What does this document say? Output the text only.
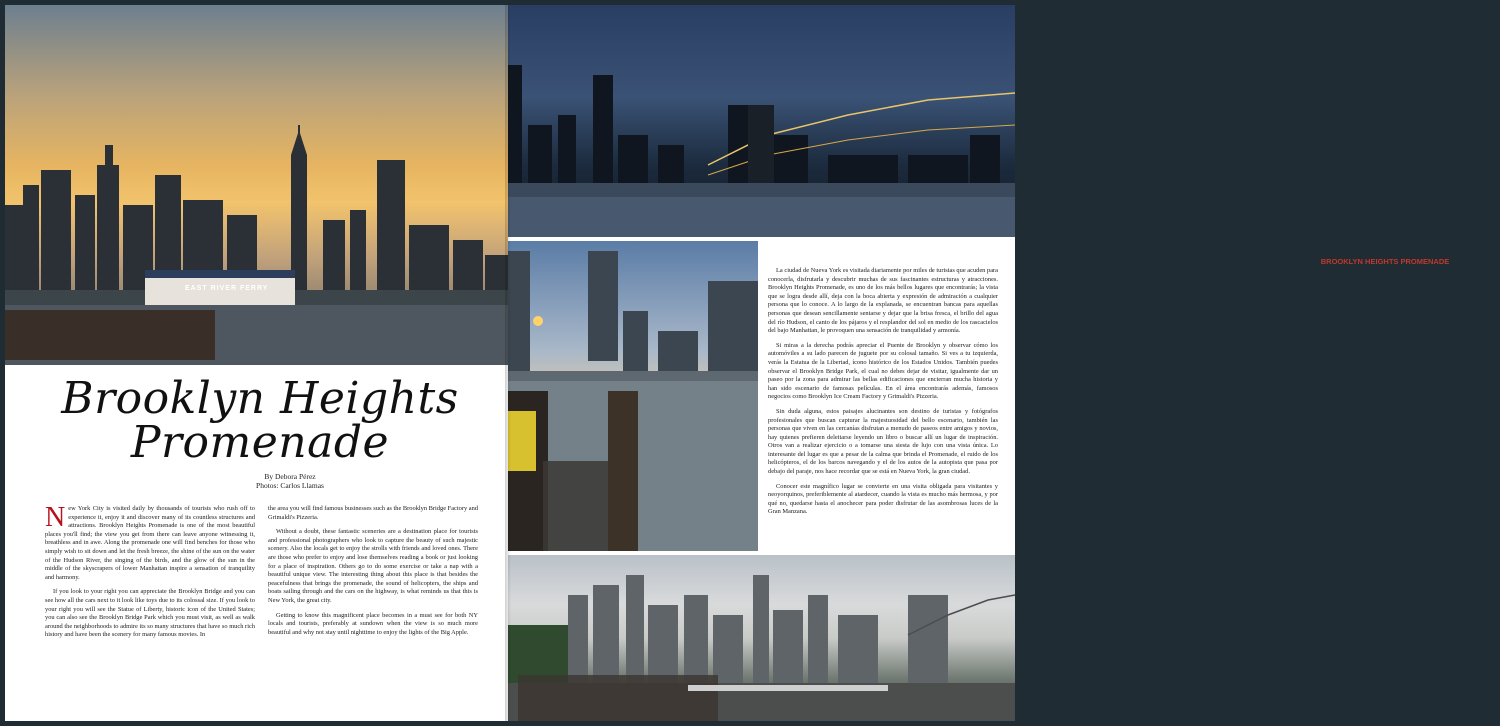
EAST RIVER FERRY
Brooklyn Heights
Promenade
By Debora Pérez
Photos: Carlos Llamas

New York City is visited daily by thousands of tourists who rush off to experience it, enjoy it and discover many of its countless structures and attractions. Brooklyn Heights Promenade is one of the most beautiful places you'll find; the view you get from there can leave anyone witnessing it, breathless and in awe. Along the promenade one will find benches for those who simply wish to sit down and let the fresh breeze, the shine of the sun on the water of the Hudson River, the singing of the birds, and the glow of the sun in the middle of the skyscrapers of lower Manhattan inspire a sensation of tranquility and harmony.

If you look to your right you can appreciate the Brooklyn Bridge and you can see how all the cars next to it look like toys due to its colossal size. If you look to your right you will see the Statue of Liberty, historic icon of the United States; you can also see the Brooklyn Bridge Park which you must visit, as well as walk around the neighborhoods to admire its so many structures that have so much rich history and have been the scenery for many famous movies. In

the area you will find famous businesses such as the Brooklyn Bridge Factory and Grimaldi's Pizzeria.

Without a doubt, these fantastic sceneries are a destination place for tourists and professional photographers who look to capture the beauty of such majestic scenery. Also the locals get to enjoy the strolls with friends and loved ones. There are those who prefer to enjoy and lose themselves reading a book or just looking for a place of inspiration. Others go to do some exercise or take a nap with a beautiful unique view. The interesting thing about this place is that besides the peacefulness that brings the promenade, the sound of helicopters, the ships and boats sailing through and the cars on the highway, is what reminds us that this is New York, the great city.

Getting to know this magnificent place becomes in a must see for both NY locals and tourists, preferably at sundown when the view is so much more beautiful and why not stay until nighttime to enjoy the lights of the Big Apple.

BROOKLYN HEIGHTS PROMENADE

La ciudad de Nueva York es visitada diariamente por miles de turistas que acuden para conocerla, disfrutarla y descubrir muchas de sus fascinantes estructuras y atracciones. Brooklyn Heights Promenade, es uno de los más bellos lugares que encontrarás; la vista que se logra desde allí, deja con la boca abierta y expresión de admiración a cualquier persona que lo conoce. A lo largo de la explanada, se encuentran bancas para aquellas personas que desean sencillamente sentarse y dejar que la brisa fresca, el brillo del agua del río Hudson, el canto de los pájaros y el resplandor del sol en medio de los rascacielos del bajo Manhattan, le provoquen una sensación de tranquilidad y armonía.

Si miras a la derecha podrás apreciar el Puente de Brooklyn y observar cómo los automóviles a su lado parecen de juguete por su colosal tamaño. Si ves a tu izquierda, verás la Estatua de la Libertad, ícono histórico de los Estados Unidos. También puedes observar el Brooklyn Bridge Park, el cual no debes dejar de visitar, igualmente dar un paseo por la zona para admirar las bellas edificaciones que encierran mucha historia y han sido escenario de famosas películas. En el área encontrarás además, famosos negocios como Brooklyn Ice Cream Factory y Grimaldi's Pizzeria.

Sin duda alguna, estos paisajes alucinantes son destino de turistas y fotógrafos profesionales que buscan capturar la majestuosidad del bello escenario, también las personas que viven en las cercanías disfrutan a menudo de paseos entre amigos y novios, hay quienes prefieren deleitarse leyendo un libro o buscar allí un lugar de inspiración. Otros van a realizar ejercicio o a tomarse una siesta de lujo con una vista única. Lo interesante del lugar es que a pesar de la calma que brinda el Promenade, el ruido de los helicópteros, el de los barcos navegando y el de los autos de la autopista que pasa por debajo del paraje, nos hace recordar que se está en Nueva York, la gran ciudad.

Conocer este magnífico lugar se convierte en una visita obligada para visitantes y neoyorquinos, preferiblemente al atardecer, cuando la vista es mucho más hermosa, y por qué no, quedarse hasta el anochecer para poder disfrutar de las asombrosas luces de la Gran Manzana.
